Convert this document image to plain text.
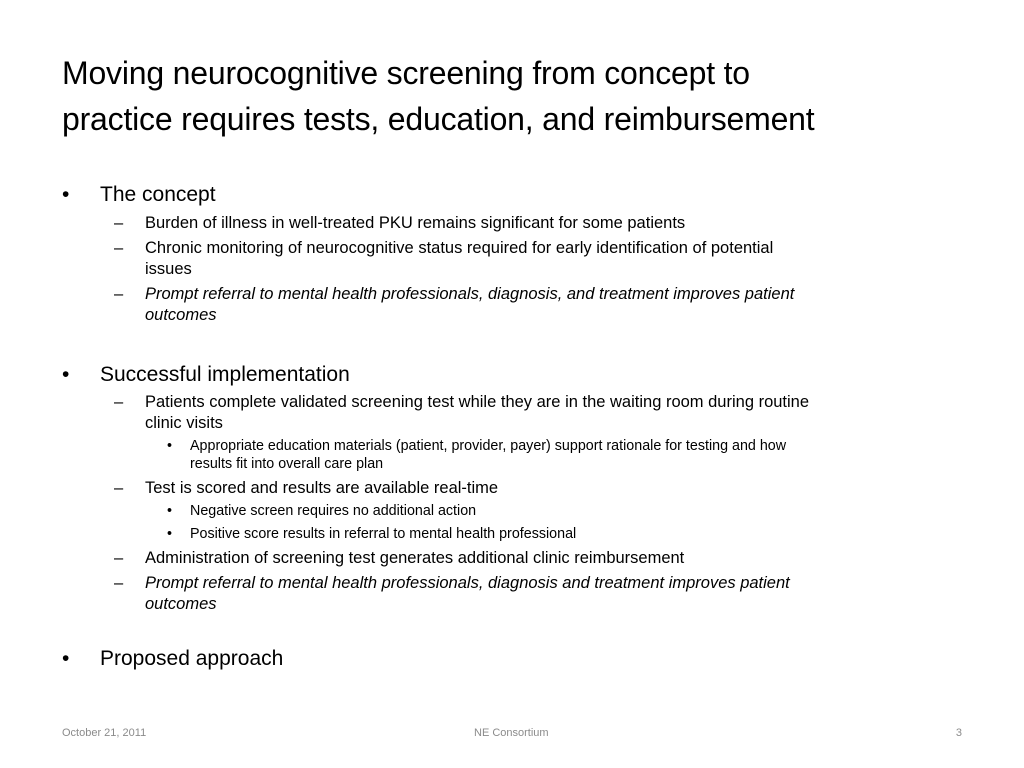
Moving neurocognitive screening from concept to
practice requires tests, education, and reimbursement

• The concept

– Burden of illness in well-treated PKU remains significant for some patients

– Chronic monitoring of neurocognitive status required for early identification of potential
issues

– Prompt referral to mental health professionals, diagnosis, and treatment improves patient
outcomes

• Successful implementation

– Patients complete validated screening test while they are in the waiting room during routine
clinic visits

• Appropriate education materials (patient, provider, payer) support rationale for testing and how
results fit into overall care plan

– Test is scored and results are available real-time

• Negative screen requires no additional action

• Positive score results in referral to mental health professional

– Administration of screening test generates additional clinic reimbursement

– Prompt referral to mental health professionals, diagnosis and treatment improves patient
outcomes

• Proposed approach

October 21, 2011	NE Consortium	3
